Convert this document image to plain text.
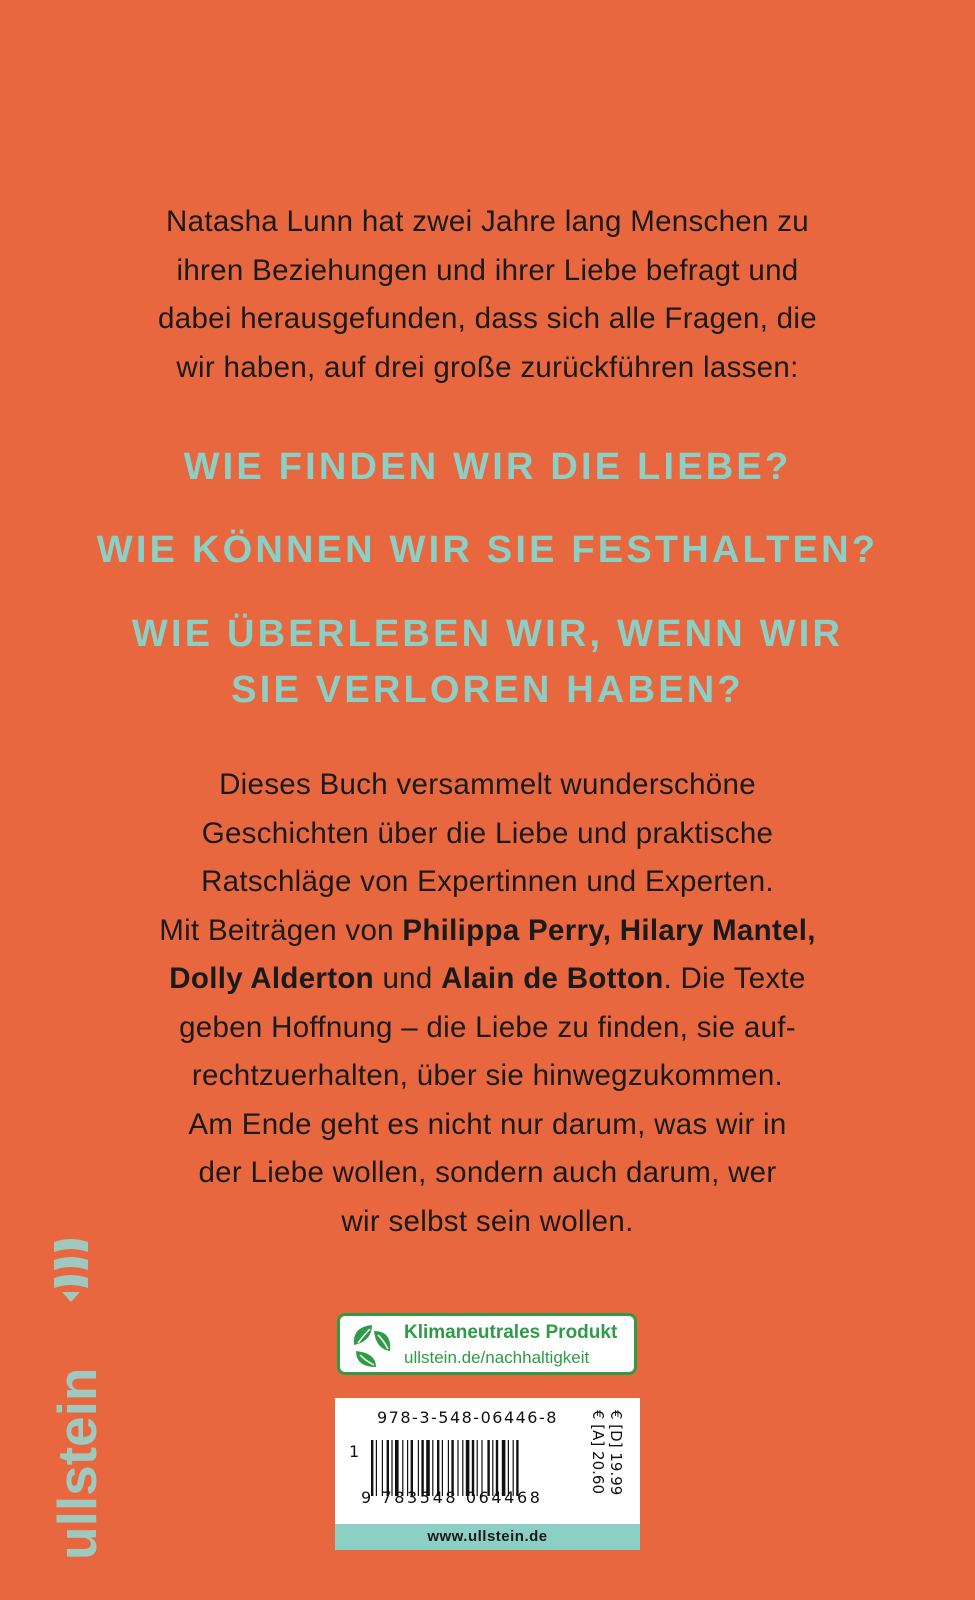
Natasha Lunn hat zwei Jahre lang Menschen zu
ihren Beziehungen und ihrer Liebe befragt und
dabei herausgefunden, dass sich alle Fragen, die
wir haben, auf drei große zurückführen lassen:
WIE FINDEN WIR DIE LIEBE?
WIE KÖNNEN WIR SIE FESTHALTEN?
WIE ÜBERLEBEN WIR, WENN WIR
SIE VERLOREN HABEN?
Dieses Buch versammelt wunderschöne
Geschichten über die Liebe und praktische
Ratschläge von Expertinnen und Experten.
Mit Beiträgen von Philippa Perry, Hilary Mantel,
Dolly Alderton und Alain de Botton. Die Texte
geben Hoffnung – die Liebe zu finden, sie auf-
rechtzuerhalten, über sie hinwegzukommen.
Am Ende geht es nicht nur darum, was wir in
der Liebe wollen, sondern auch darum, wer
wir selbst sein wollen.
ullstein
Klimaneutrales Produkt
ullstein.de/nachhaltigkeit
978-3-548-06446-8
1
9 783548 064468
€ [D] 19.99
€ [A] 20.60
www.ullstein.de
